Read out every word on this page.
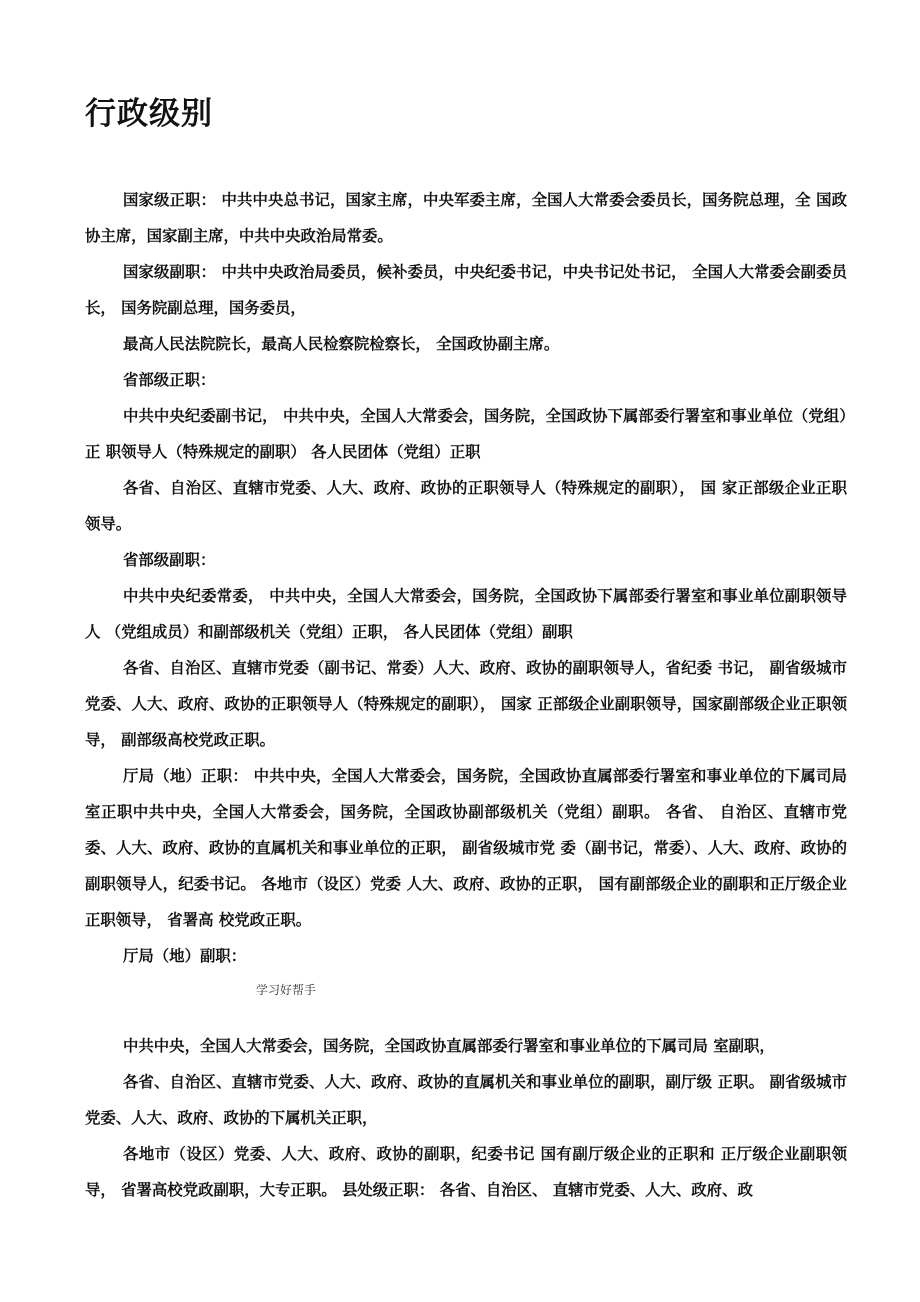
行政级别

国家级正职： 中共中央总书记，国家主席，中央军委主席，全国人大常委会委员长，国务院总理，全 国政协主席，国家副主席，中共中央政治局常委。

国家级副职： 中共中央政治局委员，候补委员，中央纪委书记，中央书记处书记， 全国人大常委会副委员长， 国务院副总理，国务委员，

最高人民法院院长，最高人民检察院检察长， 全国政协副主席。

省部级正职：

中共中央纪委副书记， 中共中央，全国人大常委会，国务院，全国政协下属部委行署室和事业单位（党组）正 职领导人（特殊规定的副职） 各人民团体（党组）正职

各省、自治区、直辖市党委、人大、政府、政协的正职领导人（特殊规定的副职）， 国 家正部级企业正职领导。

省部级副职：

中共中央纪委常委， 中共中央，全国人大常委会，国务院，全国政协下属部委行署室和事业单位副职领导人 （党组成员）和副部级机关（党组）正职， 各人民团体（党组）副职

各省、自治区、直辖市党委（副书记、常委）人大、政府、政协的副职领导人，省纪委 书记， 副省级城市党委、人大、政府、政协的正职领导人（特殊规定的副职）， 国家 正部级企业副职领导，国家副部级企业正职领导， 副部级高校党政正职。

厅局（地）正职： 中共中央，全国人大常委会，国务院，全国政协直属部委行署室和事业单位的下属司局 室正职中共中央，全国人大常委会，国务院，全国政协副部级机关（党组）副职。 各省、 自治区、直辖市党委、人大、政府、政协的直属机关和事业单位的正职， 副省级城市党 委（副书记，常委）、人大、政府、政协的副职领导人，纪委书记。 各地市（设区）党委 人大、政府、政协的正职， 国有副部级企业的副职和正厅级企业正职领导， 省署高 校党政正职。

厅局（地）副职：

学习好帮手

中共中央，全国人大常委会，国务院，全国政协直属部委行署室和事业单位的下属司局 室副职，

各省、自治区、直辖市党委、人大、政府、政协的直属机关和事业单位的副职，副厅级 正职。 副省级城市党委、人大、政府、政协的下属机关正职，

各地市（设区）党委、人大、政府、政协的副职，纪委书记 国有副厅级企业的正职和 正厅级企业副职领导， 省署高校党政副职，大专正职。 县处级正职： 各省、自治区、 直辖市党委、人大、政府、政
